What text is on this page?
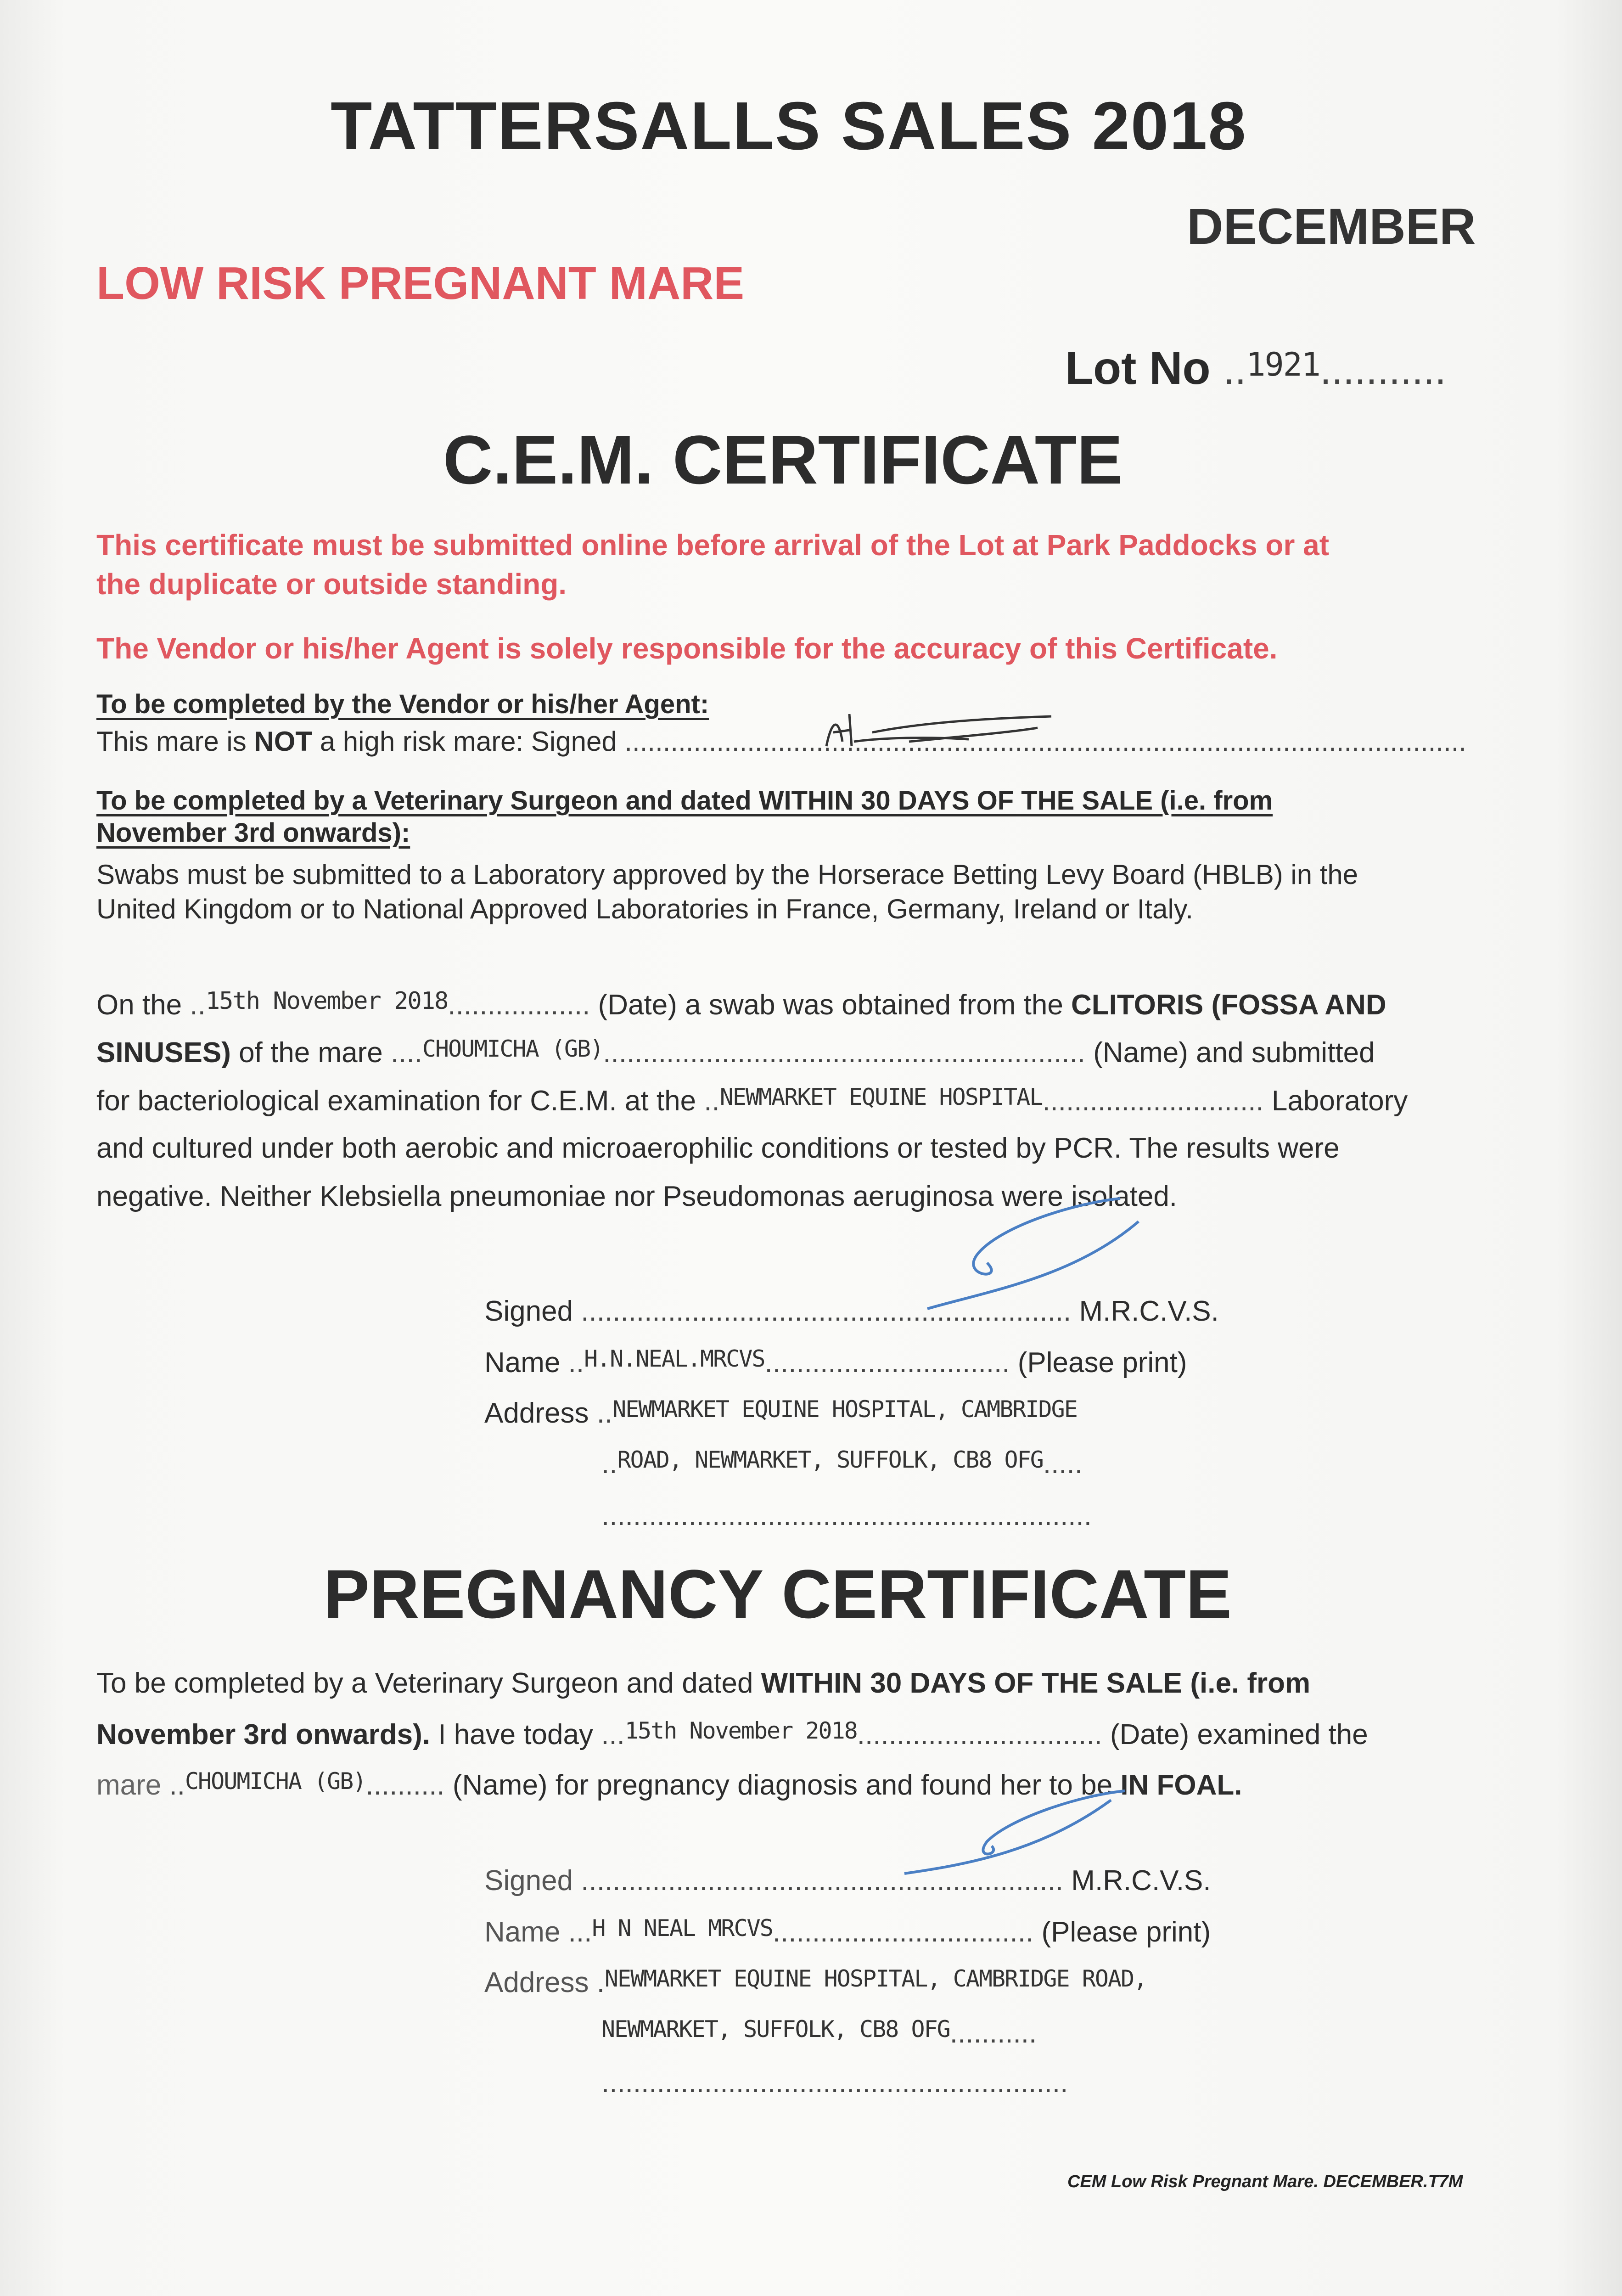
TATTERSALLS SALES 2018
DECEMBER
LOW RISK PREGNANT MARE
Lot No ..1921...........
C.E.M. CERTIFICATE
This certificate must be submitted online before arrival of the Lot at Park Paddocks or at
the duplicate or outside standing.
The Vendor or his/her Agent is solely responsible for the accuracy of this Certificate.
To be completed by the Vendor or his/her Agent:
This mare is NOT a high risk mare: Signed ..............................................................................................................
To be completed by a Veterinary Surgeon and dated WITHIN 30 DAYS OF THE SALE (i.e. from
November 3rd onwards):
Swabs must be submitted to a Laboratory approved by the Horserace Betting Levy Board (HBLB) in the
United Kingdom or to National Approved Laboratories in France, Germany, Ireland or Italy.
On the ..15th November 2018.................. (Date) a swab was obtained from the CLITORIS (FOSSA AND
SINUSES) of the mare ....CHOUMICHA (GB)............................................................. (Name) and submitted
for bacteriological examination for C.E.M. at the ..NEWMARKET EQUINE HOSPITAL............................ Laboratory
and cultured under both aerobic and microaerophilic conditions or tested by PCR. The results were
negative. Neither Klebsiella pneumoniae nor Pseudomonas aeruginosa were isolated.
Signed .............................................................. M.R.C.V.S.
Name ..H.N.NEAL.MRCVS............................... (Please print)
Address ..NEWMARKET EQUINE HOSPITAL, CAMBRIDGE
..ROAD, NEWMARKET, SUFFOLK, CB8 OFG.....
..............................................................
PREGNANCY CERTIFICATE
To be completed by a Veterinary Surgeon and dated WITHIN 30 DAYS OF THE SALE (i.e. from
November 3rd onwards). I have today ...15th November 2018............................... (Date) examined the
mare ..CHOUMICHA (GB).......... (Name) for pregnancy diagnosis and found her to be IN FOAL.
Signed ............................................................. M.R.C.V.S.
Name ...H N NEAL MRCVS................................. (Please print)
Address .NEWMARKET EQUINE HOSPITAL, CAMBRIDGE ROAD,
NEWMARKET, SUFFOLK, CB8 OFG...........
...........................................................
CEM Low Risk Pregnant Mare. DECEMBER.T7M
